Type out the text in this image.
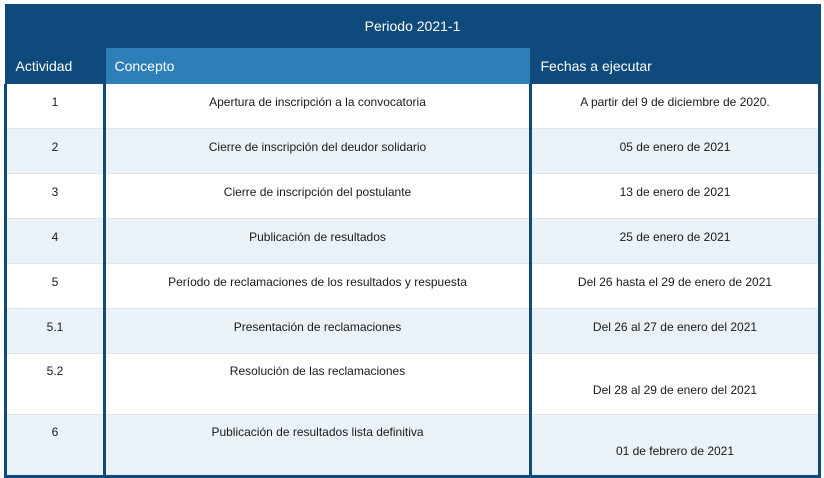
Periodo 2021-1		
Actividad	Concepto	Fechas a ejecutar

1	Apertura de inscripción a la convocatoria	A partir del 9 de diciembre de 2020.

2	Cierre de inscripción del deudor solidario	05 de enero de 2021

3	Cierre de inscripción del postulante	13 de enero de 2021

4	Publicación de resultados	25 de enero de 2021

5	Período de reclamaciones de los resultados y respuesta	Del 26 hasta el 29 de enero de 2021

5.1	Presentación de reclamaciones	Del 26 al 27 de enero del 2021

5.2	Resolución de las reclamaciones	Del 28 al 29 de enero del 2021

6	Publicación de resultados lista definitiva	01 de febrero de 2021
